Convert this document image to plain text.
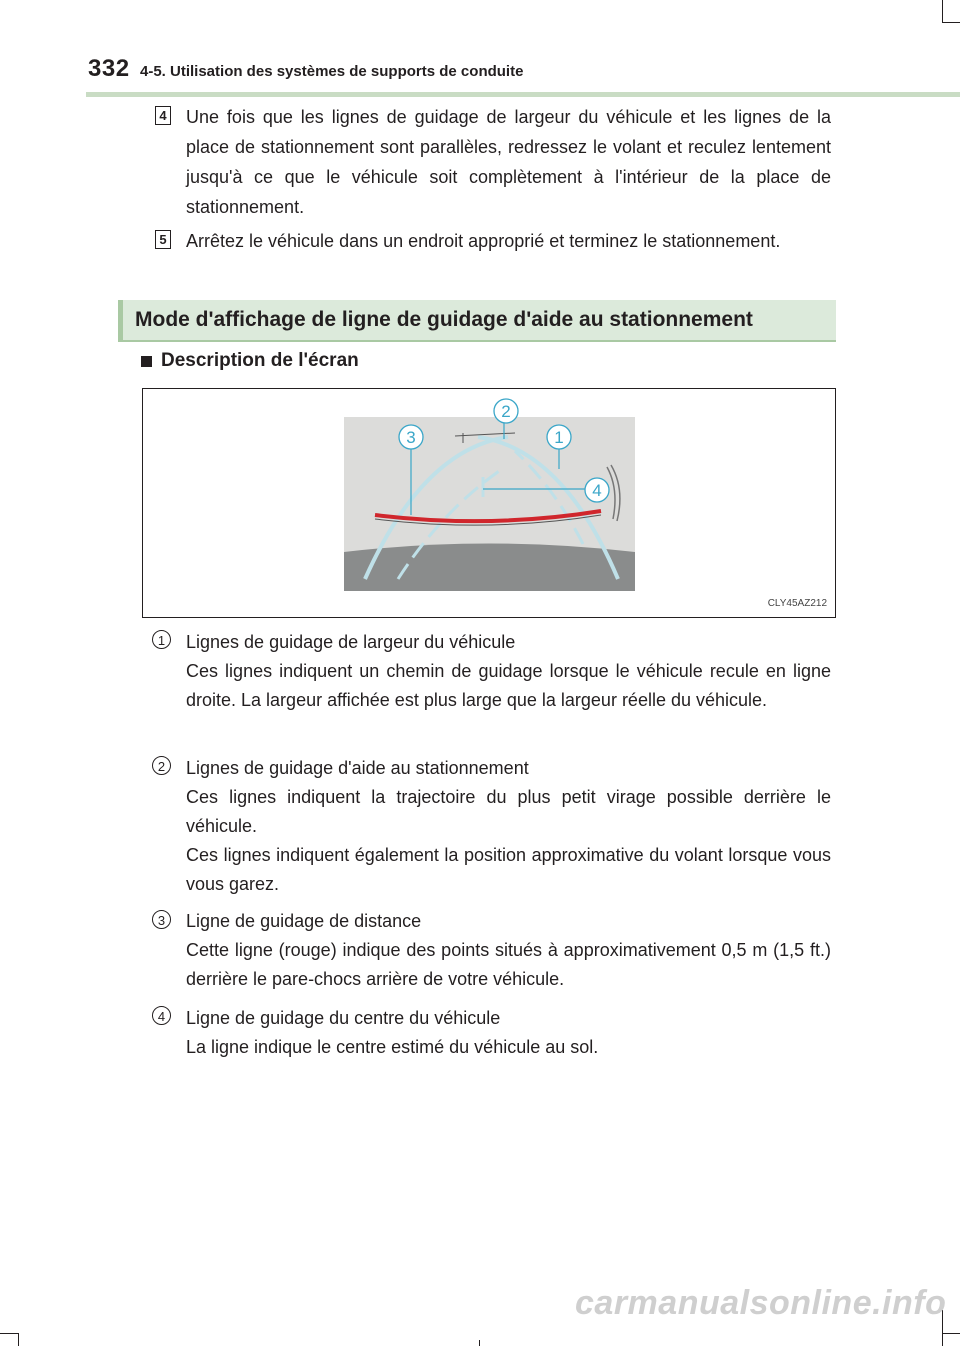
332 4-5. Utilisation des systèmes de supports de conduite
4 Une fois que les lignes de guidage de largeur du véhicule et les lignes de la place de stationnement sont parallèles, redressez le volant et reculez lentement jusqu'à ce que le véhicule soit complètement à l'intérieur de la place de stationnement.
5 Arrêtez le véhicule dans un endroit approprié et terminez le stationnement.
Mode d'affichage de ligne de guidage d'aide au stationnement
Description de l'écran
1
2
3
4
CLY45AZ212
1	Lignes de guidage de largeur du véhicule
Ces lignes indiquent un chemin de guidage lorsque le véhicule recule en ligne droite. La largeur affichée est plus large que la largeur réelle du véhicule.
2	Lignes de guidage d'aide au stationnement
Ces lignes indiquent la trajectoire du plus petit virage possible derrière le véhicule.
Ces lignes indiquent également la position approximative du volant lorsque vous vous garez.
3	Ligne de guidage de distance
Cette ligne (rouge) indique des points situés à approximativement 0,5 m (1,5 ft.) derrière le pare-chocs arrière de votre véhicule.
4	Ligne de guidage du centre du véhicule
La ligne indique le centre estimé du véhicule au sol.
carmanualsonline.info
